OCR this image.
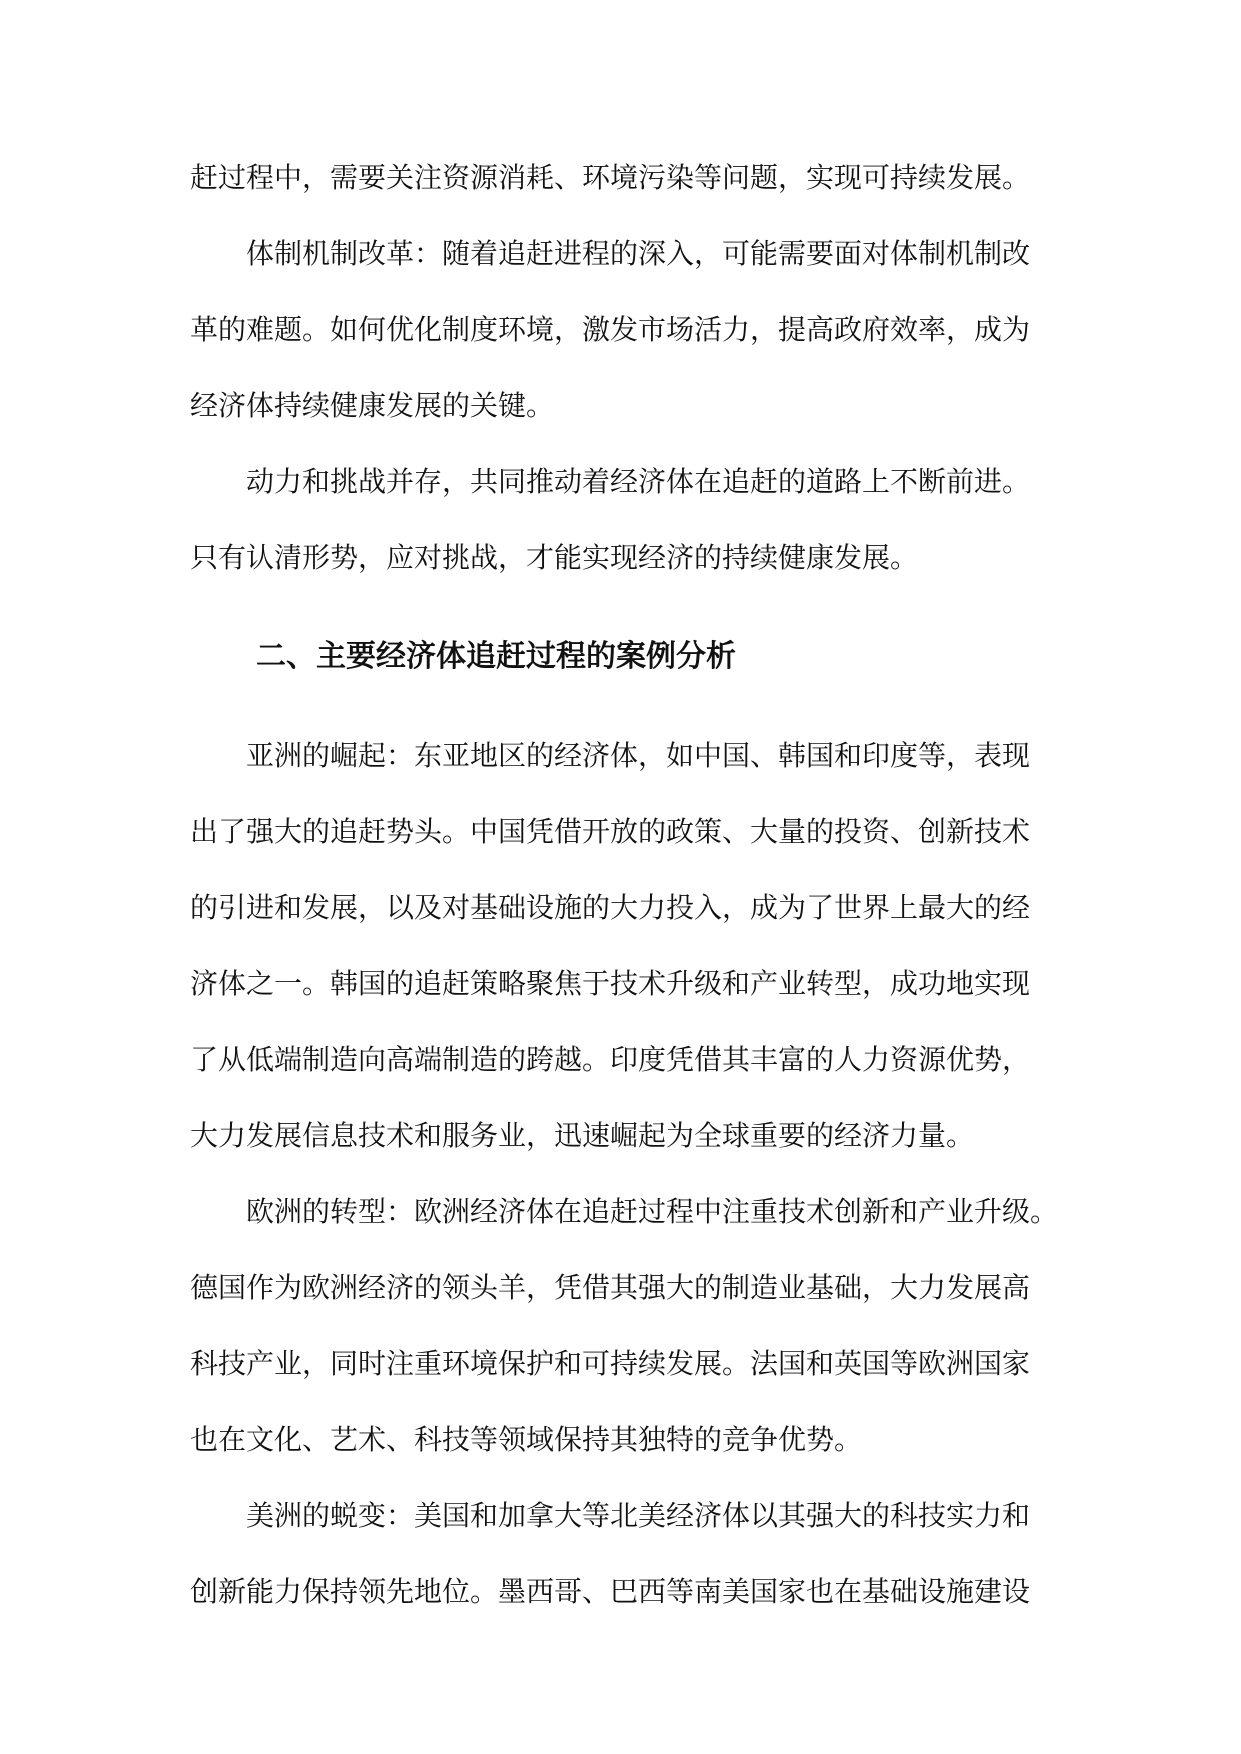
赶过程中，需要关注资源消耗、环境污染等问题，实现可持续发展。
体制机制改革：随着追赶进程的深入，可能需要面对体制机制改
革的难题。如何优化制度环境，激发市场活力，提高政府效率，成为
经济体持续健康发展的关键。
动力和挑战并存，共同推动着经济体在追赶的道路上不断前进。
只有认清形势，应对挑战，才能实现经济的持续健康发展。
二、主要经济体追赶过程的案例分析
亚洲的崛起：东亚地区的经济体，如中国、韩国和印度等，表现
出了强大的追赶势头。中国凭借开放的政策、大量的投资、创新技术
的引进和发展，以及对基础设施的大力投入，成为了世界上最大的经
济体之一。韩国的追赶策略聚焦于技术升级和产业转型，成功地实现
了从低端制造向高端制造的跨越。印度凭借其丰富的人力资源优势，
大力发展信息技术和服务业，迅速崛起为全球重要的经济力量。
欧洲的转型：欧洲经济体在追赶过程中注重技术创新和产业升级。
德国作为欧洲经济的领头羊，凭借其强大的制造业基础，大力发展高
科技产业，同时注重环境保护和可持续发展。法国和英国等欧洲国家
也在文化、艺术、科技等领域保持其独特的竞争优势。
美洲的蜕变：美国和加拿大等北美经济体以其强大的科技实力和
创新能力保持领先地位。墨西哥、巴西等南美国家也在基础设施建设
